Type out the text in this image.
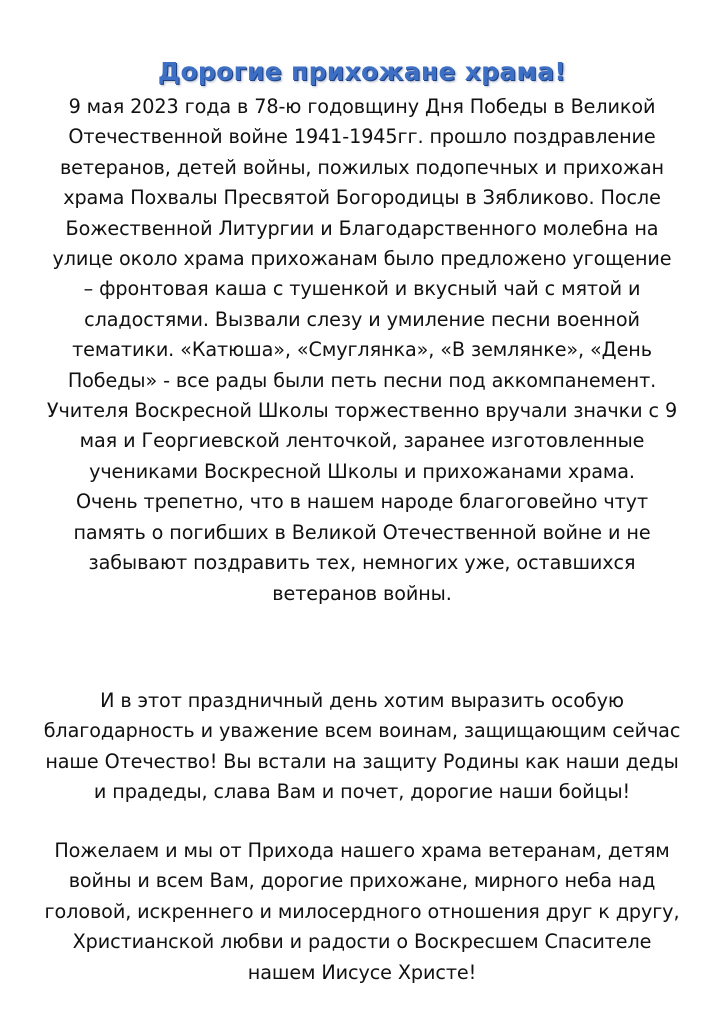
Дорогие прихожане храма!

9 мая 2023 года в 78-ю годовщину Дня Победы в Великой
Отечественной войне 1941-1945гг. прошло поздравление
ветеранов, детей войны, пожилых подопечных и прихожан
храма Похвалы Пресвятой Богородицы в Зябликово. После
Божественной Литургии и Благодарственного молебна на
улице около храма прихожанам было предложено угощение
– фронтовая каша с тушенкой и вкусный чай с мятой и
сладостями. Вызвали слезу и умиление песни военной
тематики. «Катюша», «Смуглянка», «В землянке», «День
Победы» - все рады были петь песни под аккомпанемент.
Учителя Воскресной Школы торжественно вручали значки с 9
мая и Георгиевской ленточкой, заранее изготовленные
учениками Воскресной Школы и прихожанами храма.
Очень трепетно, что в нашем народе благоговейно чтут
память о погибших в Великой Отечественной войне и не
забывают поздравить тех, немногих уже, оставшихся
ветеранов войны.

И в этот праздничный день хотим выразить особую
благодарность и уважение всем воинам, защищающим сейчас
наше Отечество! Вы встали на защиту Родины как наши деды
и прадеды, слава Вам и почет, дорогие наши бойцы!

Пожелаем и мы от Прихода нашего храма ветеранам, детям
войны и всем Вам, дорогие прихожане, мирного неба над
головой, искреннего и милосердного отношения друг к другу,
Христианской любви и радости о Воскресшем Спасителе
нашем Иисусе Христе!
